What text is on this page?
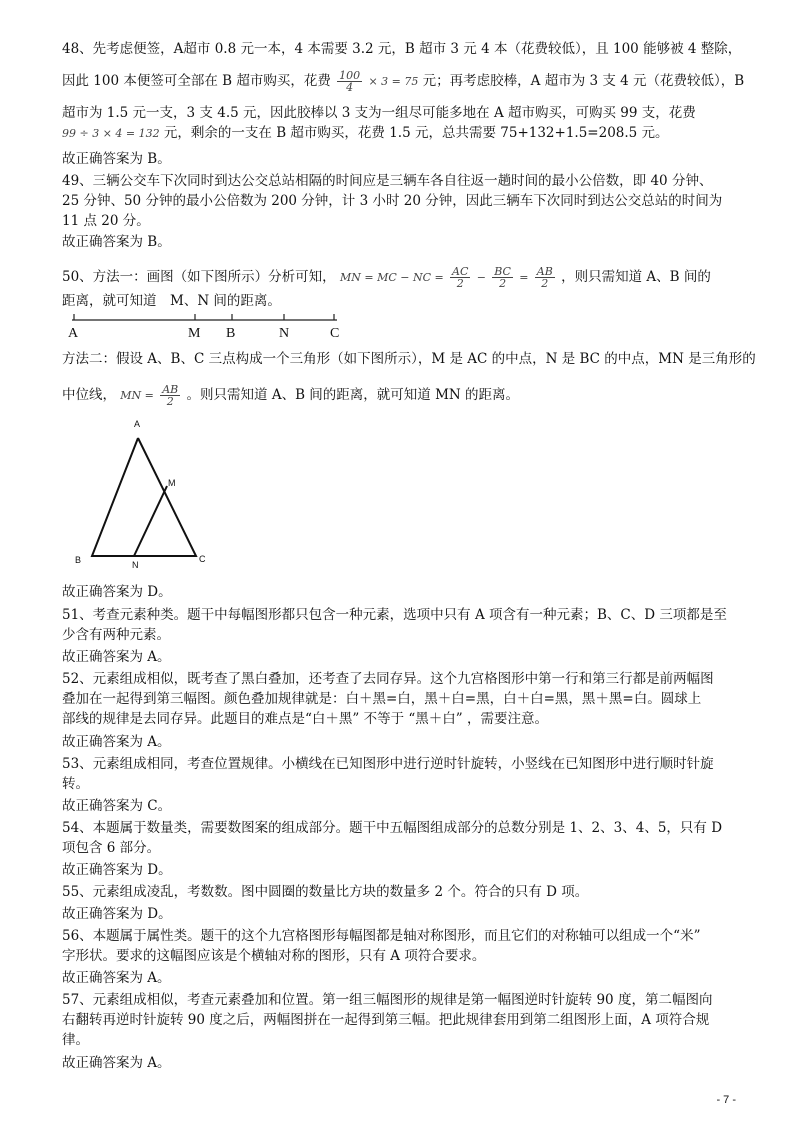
48、先考虑便签，A超市 0.8 元一本，4 本需要 3.2 元，B 超市 3 元 4 本（花费较低），且 100 能够被 4 整除，
因此 100 本便签可全部在 B 超市购买，花费 $\frac{100}{4} \times 3 = 75$ 元；再考虑胶棒，A 超市为 3 支 4 元（花费较低），B
超市为 1.5 元一支，3 支 4.5 元，因此胶棒以 3 支为一组尽可能多地在 A 超市购买，可购买 99 支，花费
99 ÷ 3 × 4 = 132 元，剩余的一支在 B 超市购买，花费 1.5 元，总共需要 75+132+1.5=208.5 元。
故正确答案为 B。
49、三辆公交车下次同时到达公交总站相隔的时间应是三辆车各自往返一趟时间的最小公倍数，即 40 分钟、
25 分钟、50 分钟的最小公倍数为 200 分钟，计 3 小时 20 分钟，因此三辆车下次同时到达公交总站的时间为
11 点 20 分。
故正确答案为 B。
50、方法一：画图（如下图所示）分析可知， MN = MC − NC = $\frac{AC}{2} - \frac{BC}{2} = \frac{AB}{2}$ ，则只需知道 A、B 间的
距离，就可知道　M、N 间的距离。
A	M B	N	C
方法二：假设 A、B、C 三点构成一个三角形（如下图所示），M 是 AC 的中点，N 是 BC 的中点，MN 是三角形的
中位线， MN = $\frac{AB}{2}$ 。则只需知道 A、B 间的距离，就可知道 MN 的距离。
A
M
B	N
C
故正确答案为 D。
51、考查元素种类。题干中每幅图形都只包含一种元素，选项中只有 A 项含有一种元素；B、C、D 三项都是至
少含有两种元素。
故正确答案为 A。
52、元素组成相似，既考查了黑白叠加，还考查了去同存异。这个九宫格图形中第一行和第三行都是前两幅图
叠加在一起得到第三幅图。颜色叠加规律就是：白＋黑=白，黑＋白=黑，白＋白=黑，黑＋黑=白。圆球上
部线的规律是去同存异。此题目的难点是“白＋黑” 不等于 “黑＋白” ，需要注意。
故正确答案为 A。
53、元素组成相同，考查位置规律。小横线在已知图形中进行逆时针旋转，小竖线在已知图形中进行顺时针旋
转。
故正确答案为 C。
54、本题属于数量类，需要数图案的组成部分。题干中五幅图组成部分的总数分别是 1、2、3、4、5，只有 D
项包含 6 部分。
故正确答案为 D。
55、元素组成凌乱，考数数。图中圆圈的数量比方块的数量多 2 个。符合的只有 D 项。
故正确答案为 D。
56、本题属于属性类。题干的这个九宫格图形每幅图都是轴对称图形，而且它们的对称轴可以组成一个“米”
字形状。要求的这幅图应该是个横轴对称的图形，只有 A 项符合要求。
故正确答案为 A。
57、元素组成相似，考查元素叠加和位置。第一组三幅图形的规律是第一幅图逆时针旋转 90 度，第二幅图向
右翻转再逆时针旋转 90 度之后，两幅图拼在一起得到第三幅。把此规律套用到第二组图形上面，A 项符合规
律。
故正确答案为 A。
- 7 -
